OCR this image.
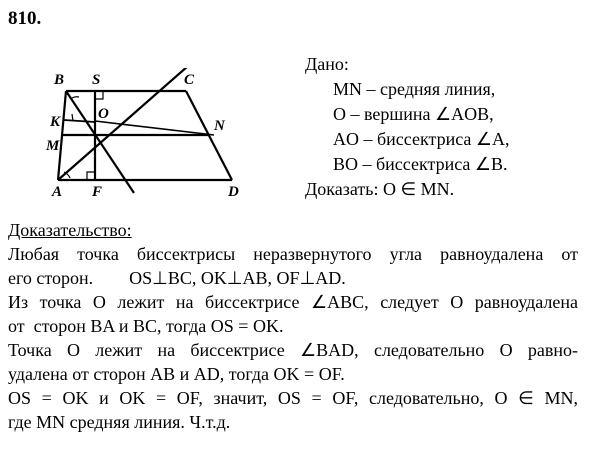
810.
B S	C
K	O
N
M
A F	D
Дано:
MN – средняя линия,
O – вершина ∠AOB,
AO – биссектриса ∠A,
BO – биссектриса ∠B.
Доказать: O ∈ MN.
Доказательство:
Любая точка биссектрисы неразвернутого угла равноудалена от
его сторон.        OS⊥BC, OK⊥AB, OF⊥AD.
Из точка O лежит на биссектрисе ∠ABC, следует O равноудалена
от  сторон BA и BC, тогда OS = OK.
Точка O лежит на биссектрисе ∠BAD, следовательно O равно-
удалена от сторон AB и AD, тогда OK = OF.
OS = OK и OK = OF, значит, OS = OF, следовательно, O ∈ MN,
где MN средняя линия. Ч.т.д.
